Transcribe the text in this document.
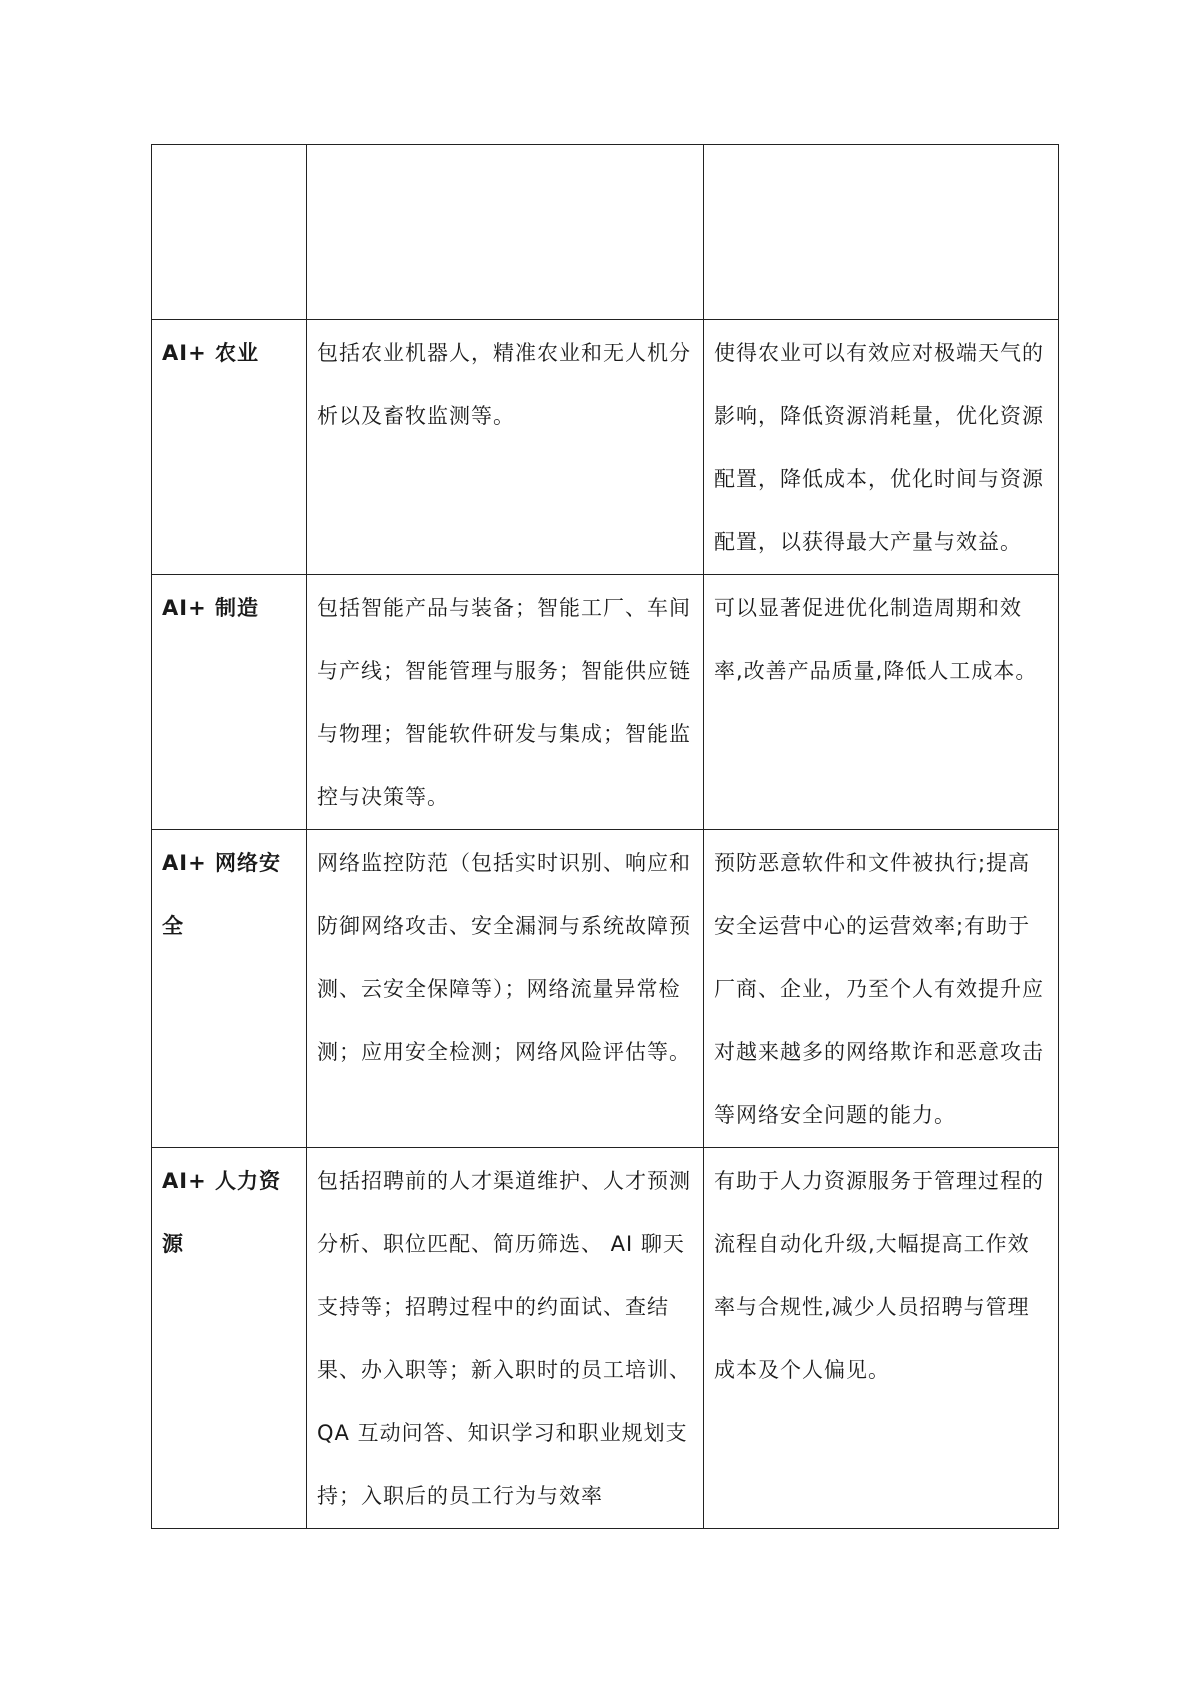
AI+ 农业	包括农业机器人，精准农业和无人机分析以及畜牧监测等。	使得农业可以有效应对极端天气的影响，降低资源消耗量，优化资源配置，降低成本，优化时间与资源配置，以获得最大产量与效益。

AI+ 制造	包括智能产品与装备；智能工厂、车间与产线；智能管理与服务；智能供应链与物理；智能软件研发与集成；智能监控与决策等。	可以显著促进优化制造周期和效率,改善产品质量,降低人工成本。

AI+ 网络安全	网络监控防范（包括实时识别、响应和防御网络攻击、安全漏洞与系统故障预测、云安全保障等）；网络流量异常检测；应用安全检测；网络风险评估等。	预防恶意软件和文件被执行;提高安全运营中心的运营效率;有助于厂商、企业，乃至个人有效提升应对越来越多的网络欺诈和恶意攻击等网络安全问题的能力。

AI+ 人力资源	包括招聘前的人才渠道维护、人才预测分析、职位匹配、简历筛选、 AI 聊天支持等；招聘过程中的约面试、查结果、办入职等；新入职时的员工培训、 QA 互动问答、知识学习和职业规划支持；入职后的员工行为与效率	有助于人力资源服务于管理过程的流程自动化升级,大幅提高工作效率与合规性,减少人员招聘与管理成本及个人偏见。
